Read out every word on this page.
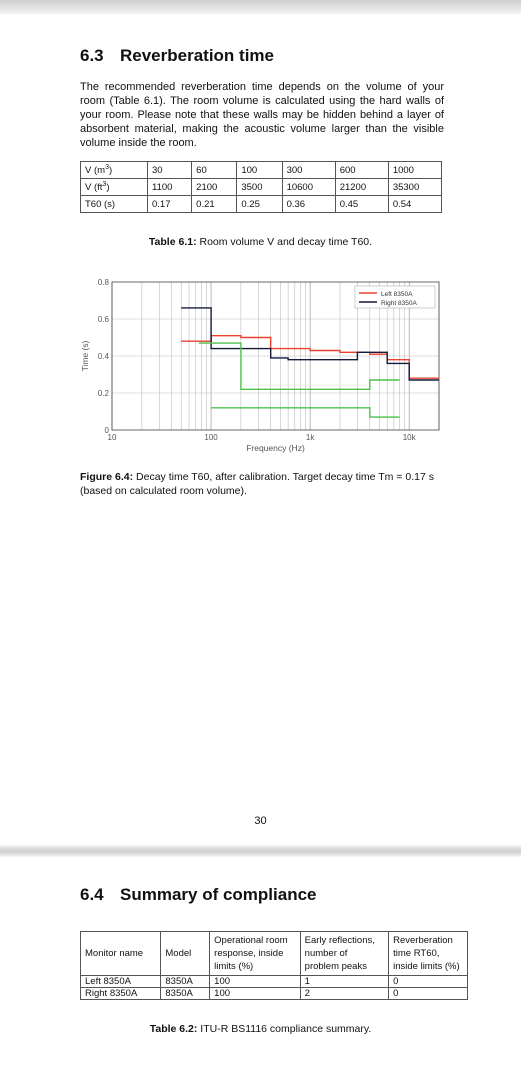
6.3 Reverberation time
The recommended reverberation time depends on the volume of your room (Table 6.1). The room volume is calculated using the hard walls of your room. Please note that these walls may be hidden behind a layer of absorbent material, making the acoustic volume larger than the visible volume inside the room.
V $(m^3)$	30	60	100	300	600	1000
V $(ft^3)$	1100	2100	3500	10600	21200	35300
T60 (s)	0.17	0.21	0.25	0.36	0.45	0.54
Table 6.1: Room volume V and decay time T60.
0
0.2
0.4
0.6
0.8
10	100	1k	10k
Frequency (Hz)
Time (s)
Left 8350A
Right 8350A
Figure 6.4: Decay time T60, after calibration. Target decay time Tm = 0.17 s (based on calculated room volume).
30
6.4 Summary of compliance
Monitor name	Model	Operational room response, inside limits (%)	Early reflections, number of problem peaks	Reverberation time RT60, inside limits (%)
Left 8350A	8350A	100	1	0
Right 8350A	8350A	100	2	0
Table 6.2: ITU-R BS1116 compliance summary.
